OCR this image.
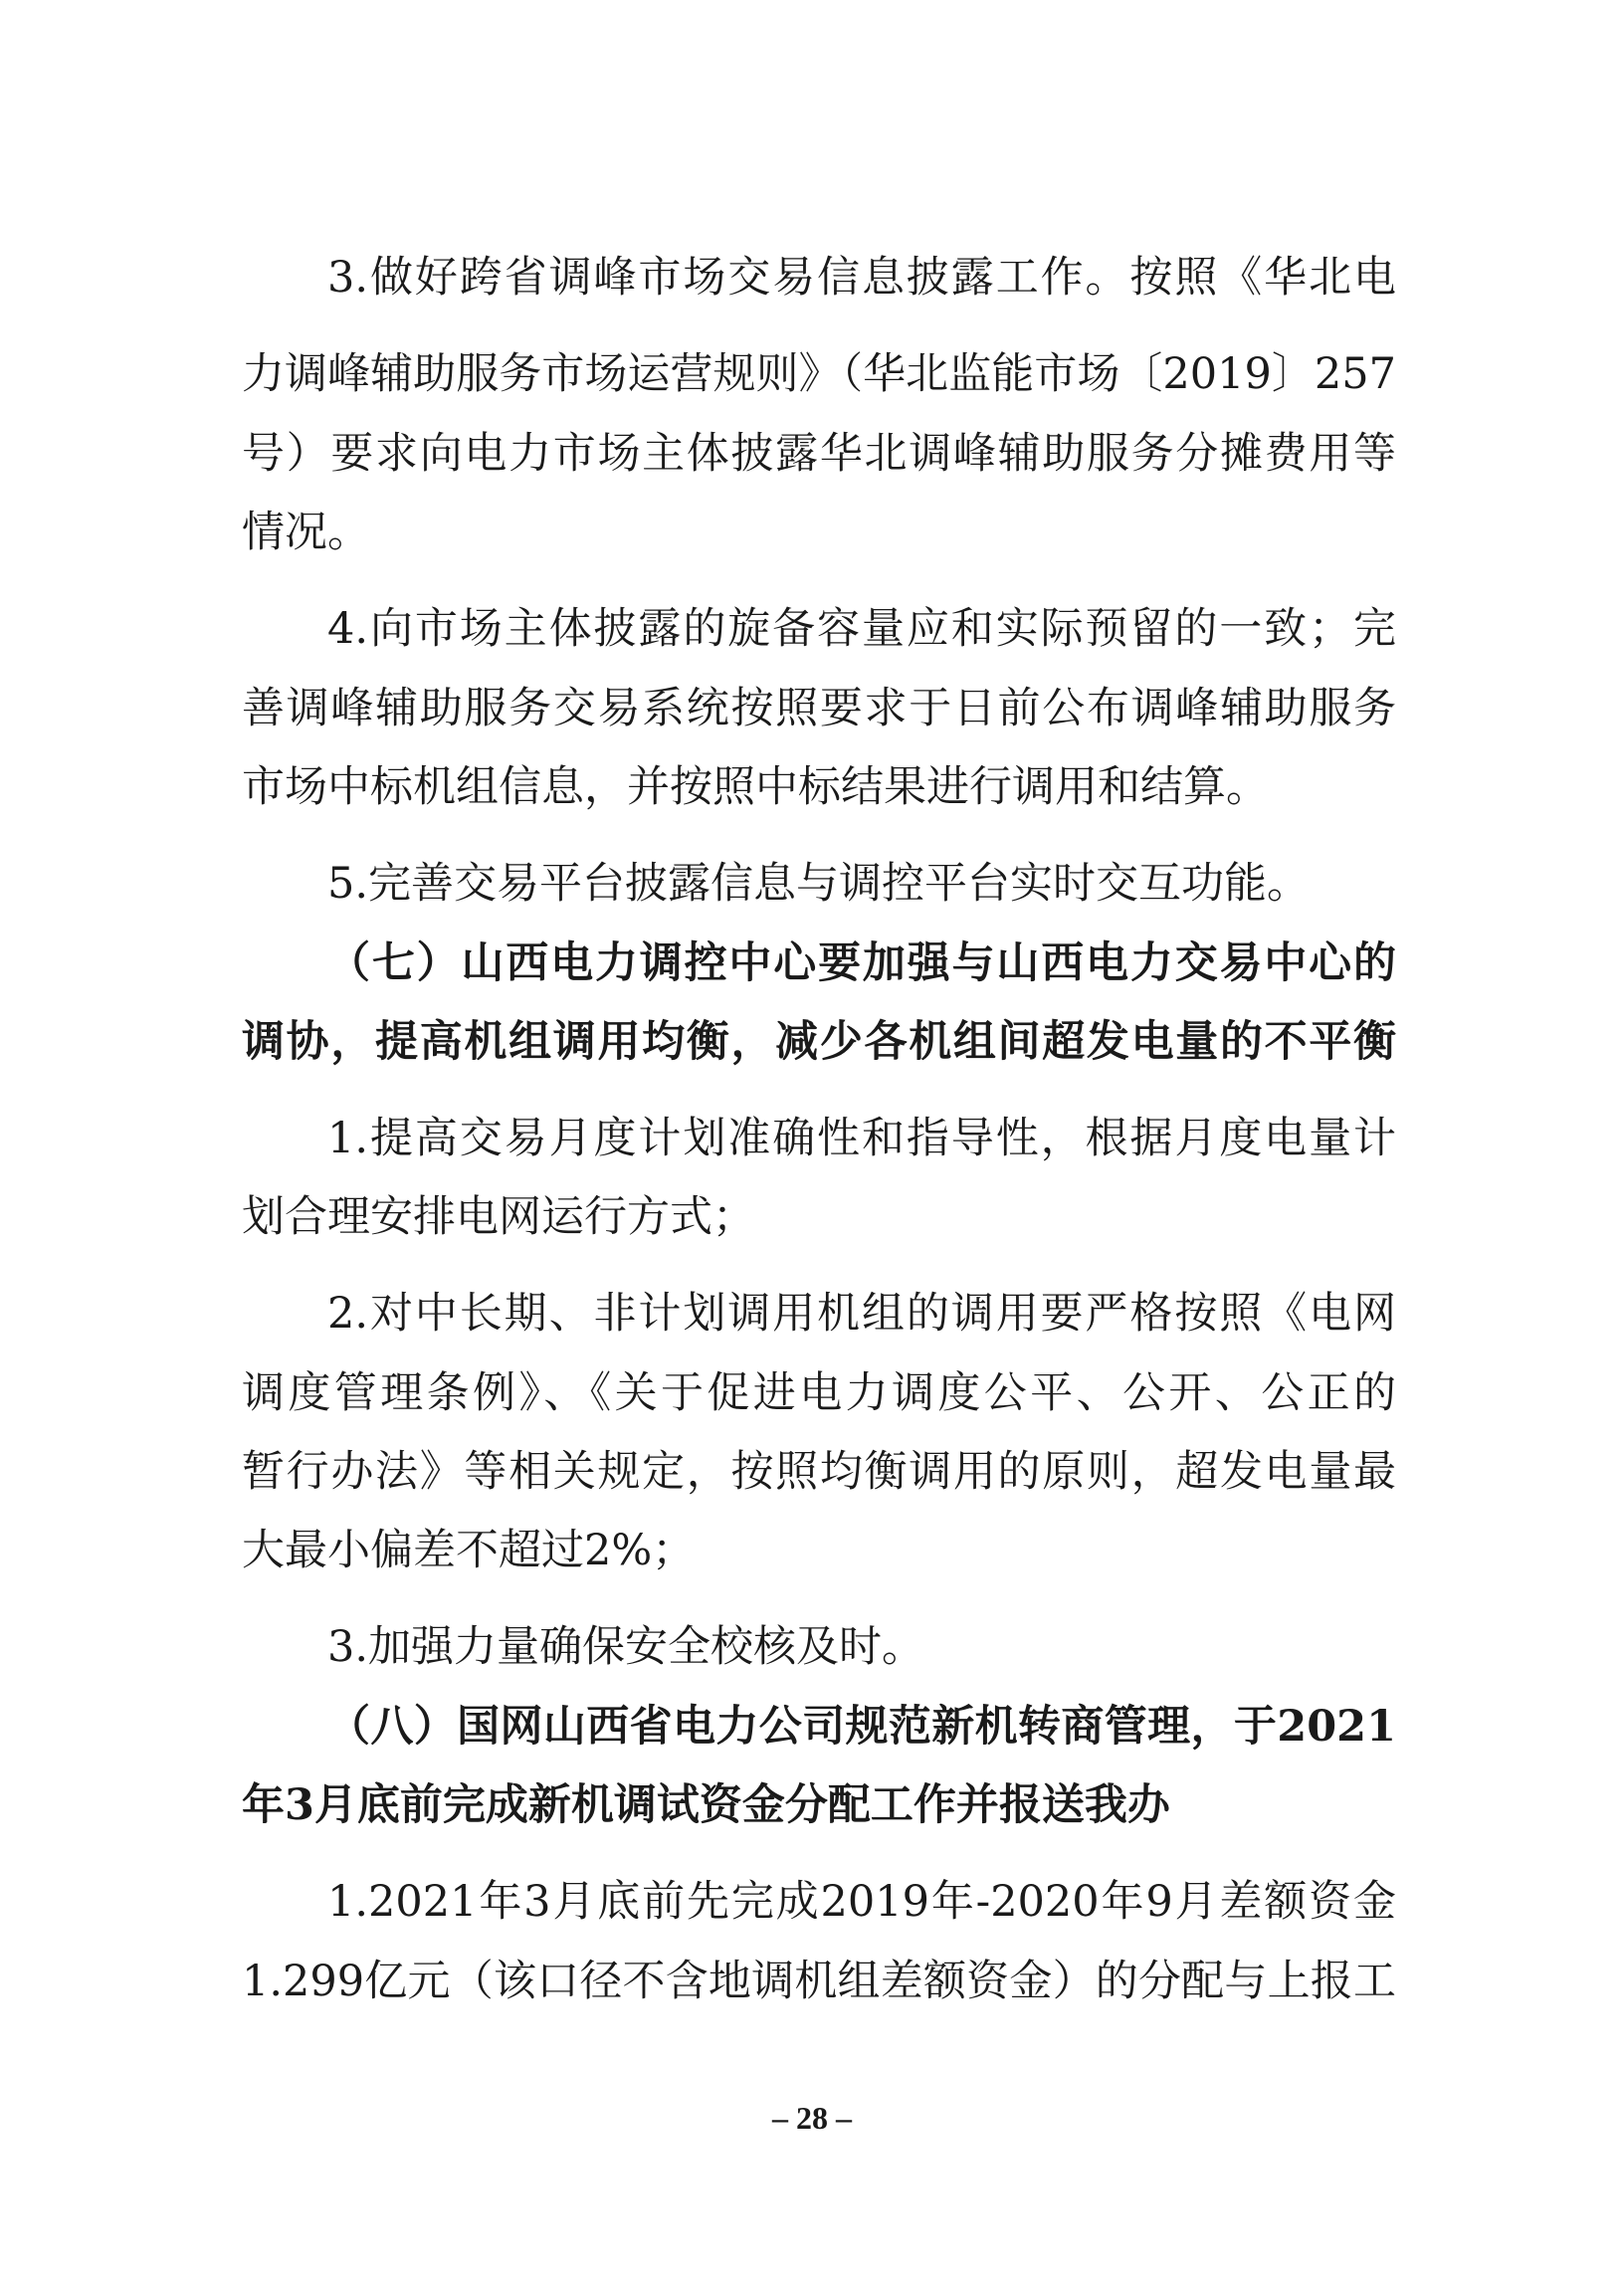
3.做好跨省调峰市场交易信息披露工作。按照《华北电
力调峰辅助服务市场运营规则》（华北监能市场〔2019〕257
号）要求向电力市场主体披露华北调峰辅助服务分摊费用等
情况。
4.向市场主体披露的旋备容量应和实际预留的一致；完
善调峰辅助服务交易系统按照要求于日前公布调峰辅助服务
市场中标机组信息，并按照中标结果进行调用和结算。
5.完善交易平台披露信息与调控平台实时交互功能。
（七）山西电力调控中心要加强与山西电力交易中心的
调协，提高机组调用均衡，减少各机组间超发电量的不平衡
1.提高交易月度计划准确性和指导性，根据月度电量计
划合理安排电网运行方式；
2.对中长期、非计划调用机组的调用要严格按照《电网
调度管理条例》、《关于促进电力调度公平、公开、公正的
暂行办法》等相关规定，按照均衡调用的原则，超发电量最
大最小偏差不超过2%；
3.加强力量确保安全校核及时。
（八）国网山西省电力公司规范新机转商管理，于2021
年3月底前完成新机调试资金分配工作并报送我办
1.2021年3月底前先完成2019年-2020年9月差额资金
1.299亿元（该口径不含地调机组差额资金）的分配与上报工
– 28 –
